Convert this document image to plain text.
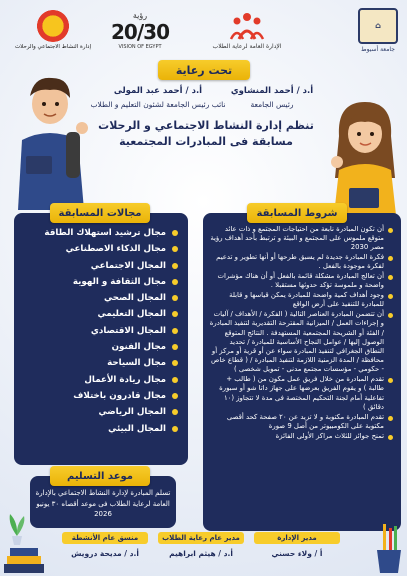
⌂
جامعة أسيوط
الإدارة العامة لرعاية الطلاب
رؤية
20/30
VISION OF EGYPT
إدارة النشاط الاجتماعي والرحلات
تحت رعاية
أ.د / أحمد المنشاوي
رئيس الجامعة
أ.د / أحمد عبد المولى
نائب رئيس الجامعة لشئون التعليم و الطلاب
تنظم إدارة النشاط الاجتماعي و الرحلات
مسابقة فى المبادرات المجتمعية
شروط المسابقة
أن تكون المبادرة نابعة من احتياجات المجتمع و ذات عائد متوقع ملموس على المجتمع و البيئة و ترتبط بأحد أهداف رؤية مصر 2030
فكرة المبادرة جديدة لم يسبق طرحها أو أنها تطوير و تدعيم لفكرة موجودة بالفعل .
أن تعالج المبادرة مشكلة قائمة بالفعل أو أن هناك مؤشرات واضحة و ملموسة تؤكد حدوثها مستقبلا .
وجود أهداف كمية واضحة للمبادرة يمكن قياسها و قابلة للمبادرة للتنفيذ على أرض الواقع
أن تتضمن المبادرة العناصر التالية ( الفكرة / الأهداف / آليات و إجراءات العمل / الميزانية المقترحة التقديرية لتنفيذ المبادرة / الفئة أو الشريحة المجتمعية المستهدفة . النتائج المتوقع الوصول إليها / عوامل النجاح الأساسية للمبادرة / تحديد النطاق الجغرافي لتنفيذ المبادرة سواء عن أو قرية أو مركز أو محافظة / المدة الزمنية اللازمة لتنفيذ المبادرة / ( قطاع خاص - حكومي - مؤسسات مجتمع مدنى - تمويل شخصى )
تقدم المبادرة من خلال فريق عمل مكون من ( طالب + طالبة ) و يقوم الفريق بعرضها على جهاز داتا شو أو سبورة تفاعلية أمام لجنة التحكيم المختصة فى مدة لا تتجاوز (١٠ دقائق )
تقدم المبادرة مكتوبة و لا تزيد عن ٢٠ صفحة كحد أقصى مكتوبة على الكومبيوتر من أصل 9 صورة
تمنح جوائز للثلاث مراكز الأولى الفائزة
مجالات المسابقة
مجال ترشيد استهلاك الطاقة
مجال الذكاء الاصطناعي
المجال الاجتماعي
مجال الثقافة و الهوية
المجال الصحي
المجال التعليمي
المجال الاقتصادي
مجال الفنون
مجال السياحة
مجال ريادة الأعمال
مجال قادرون باختلاف
المجال الرياضي
المجال البيئي
موعد التسليم
تسلم المبادرة لإدارة النشاط الاجتماعي بالإدارة العامة لرعاية الطلاب فى موعد أقصاه ٣٠ يونيو 2026
مدير الإدارة
أ / ولاء حسني
مدير عام رعاية الطلاب
أ.د / هيثم ابراهيم
منسق عام الأنشطة
أ.د / مديحة درويش
